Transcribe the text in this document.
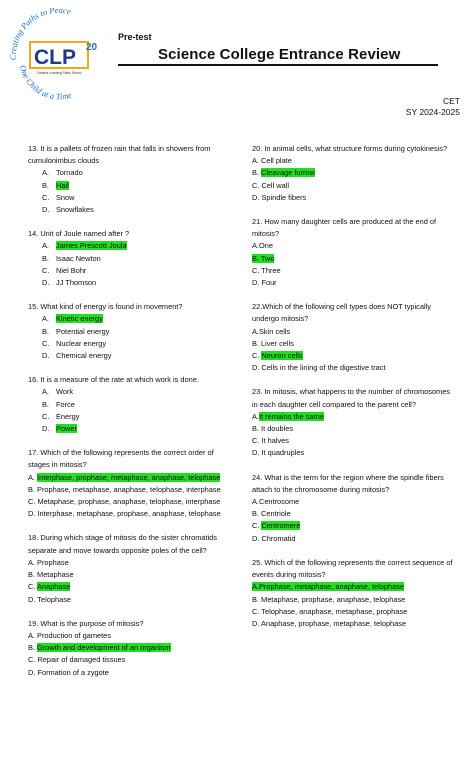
Creating Paths to Peace
One Child at a Time
CLP 20
Creative Learning Paths School
Pre-test
Science College Entrance Review
CET
SY 2024-2025
13. It is a pallets of frozen rain that falls in showers from cumulonimbus clouds
A. Tornado
B. Hail
C. Snow
D. Snowflakes
14. Unit of Joule named after ?
A. James Prescott Joula
B. Isaac Newton
C. Niel Bohr
D. JJ Thomson
15. What kind of energy is found in movement?
A. Kinetic energy
B. Potential energy
C. Nuclear energy
D. Chemical energy
16. It is a measure of the rate at which work is done.
A. Work
B. Force
C. Energy
D. Power
17. Which of the following represents the correct order of stages in mitosis?
A. Interphase, prophase, metaphase, anaphase, telophase
B. Prophase, metaphase, anaphase, telophase, interphase
C. Metaphase, prophase, anaphase, telophase, interphase
D. Interphase, metaphase, prophase, anaphase, telophase
18. During which stage of mitosis do the sister chromatids separate and move towards opposite poles of the cell?
A. Prophase
B. Metaphase
C. Anaphase
D. Telophase
19. What is the purpose of mitosis?
A. Production of gametes
B. Growth and development of an organism
C. Repair of damaged tissues
D. Formation of a zygote
20. In animal cells, what structure forms during cytokinesis?
A. Cell plate
B. Cleavage furrow
C. Cell wall
D. Spindle fibers
21. How many daughter cells are produced at the end of mitosis?
A.One
B. Two
C. Three
D. Four
22.Which of the following cell types does NOT typically undergo mitosis?
A.Skin cells
B. Liver cells
C. Neuron cells
D. Cells in the lining of the digestive tract
23. In mitosis, what happens to the number of chromosomes in each daughter cell compared to the parent cell?
A.It remains the same
B. It doubles
C. It halves
D. It quadruples
24. What is the term for the region where the spindle fibers attach to the chromosome during mitosis?
A.Centrosome
B. Centriole
C. Centromere
D. Chromatid
25. Which of the following represents the correct sequence of events during mitosis?
A.Prophase, metaphase, anaphase, telophase
B. Metaphase, prophase, anaphase, telophase
C. Telophase, anaphase, metaphase, prophase
D. Anaphase, prophase, metaphase, telophase
